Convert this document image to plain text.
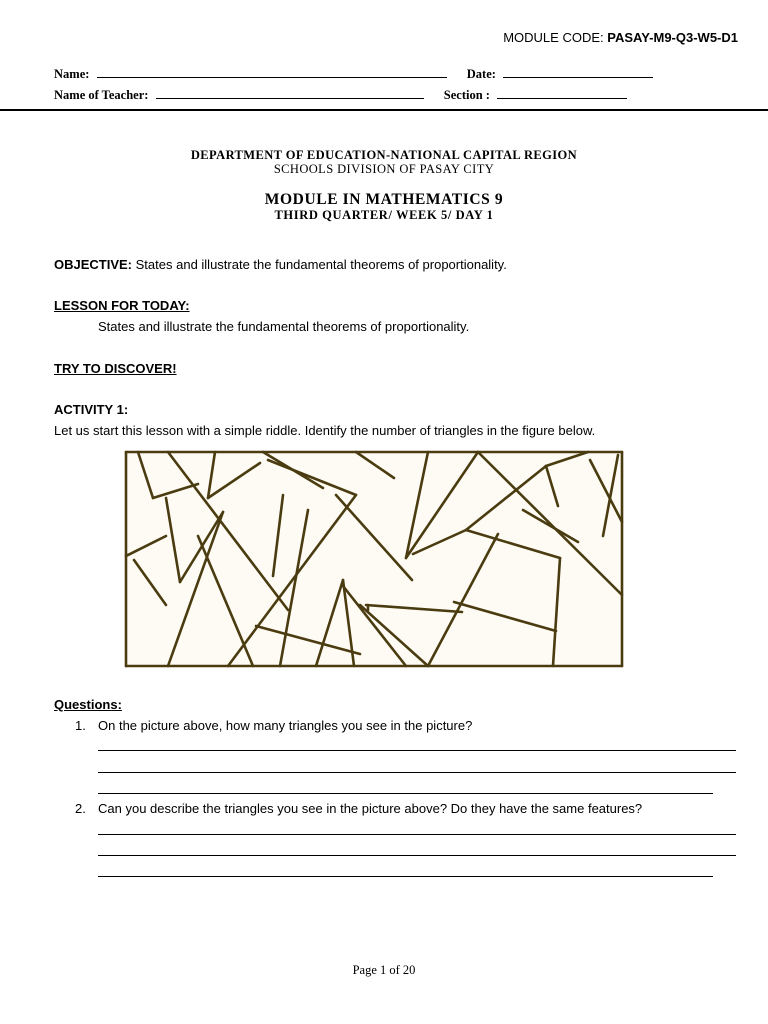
MODULE CODE: PASAY-M9-Q3-W5-D1
Name:	Date:
Name of Teacher:	Section :
DEPARTMENT OF EDUCATION-NATIONAL CAPITAL REGION
SCHOOLS DIVISION OF PASAY CITY
MODULE IN MATHEMATICS 9
THIRD QUARTER/ WEEK 5/ DAY 1
OBJECTIVE: States and illustrate the fundamental theorems of proportionality.
LESSON FOR TODAY:
States and illustrate the fundamental theorems of proportionality.
TRY TO DISCOVER!
ACTIVITY 1:
Let us start this lesson with a simple riddle. Identify the number of triangles in the figure below.
Questions:
1. On the picture above, how many triangles you see in the picture?
2. Can you describe the triangles you see in the picture above? Do they have the same features?
Page 1 of 20
